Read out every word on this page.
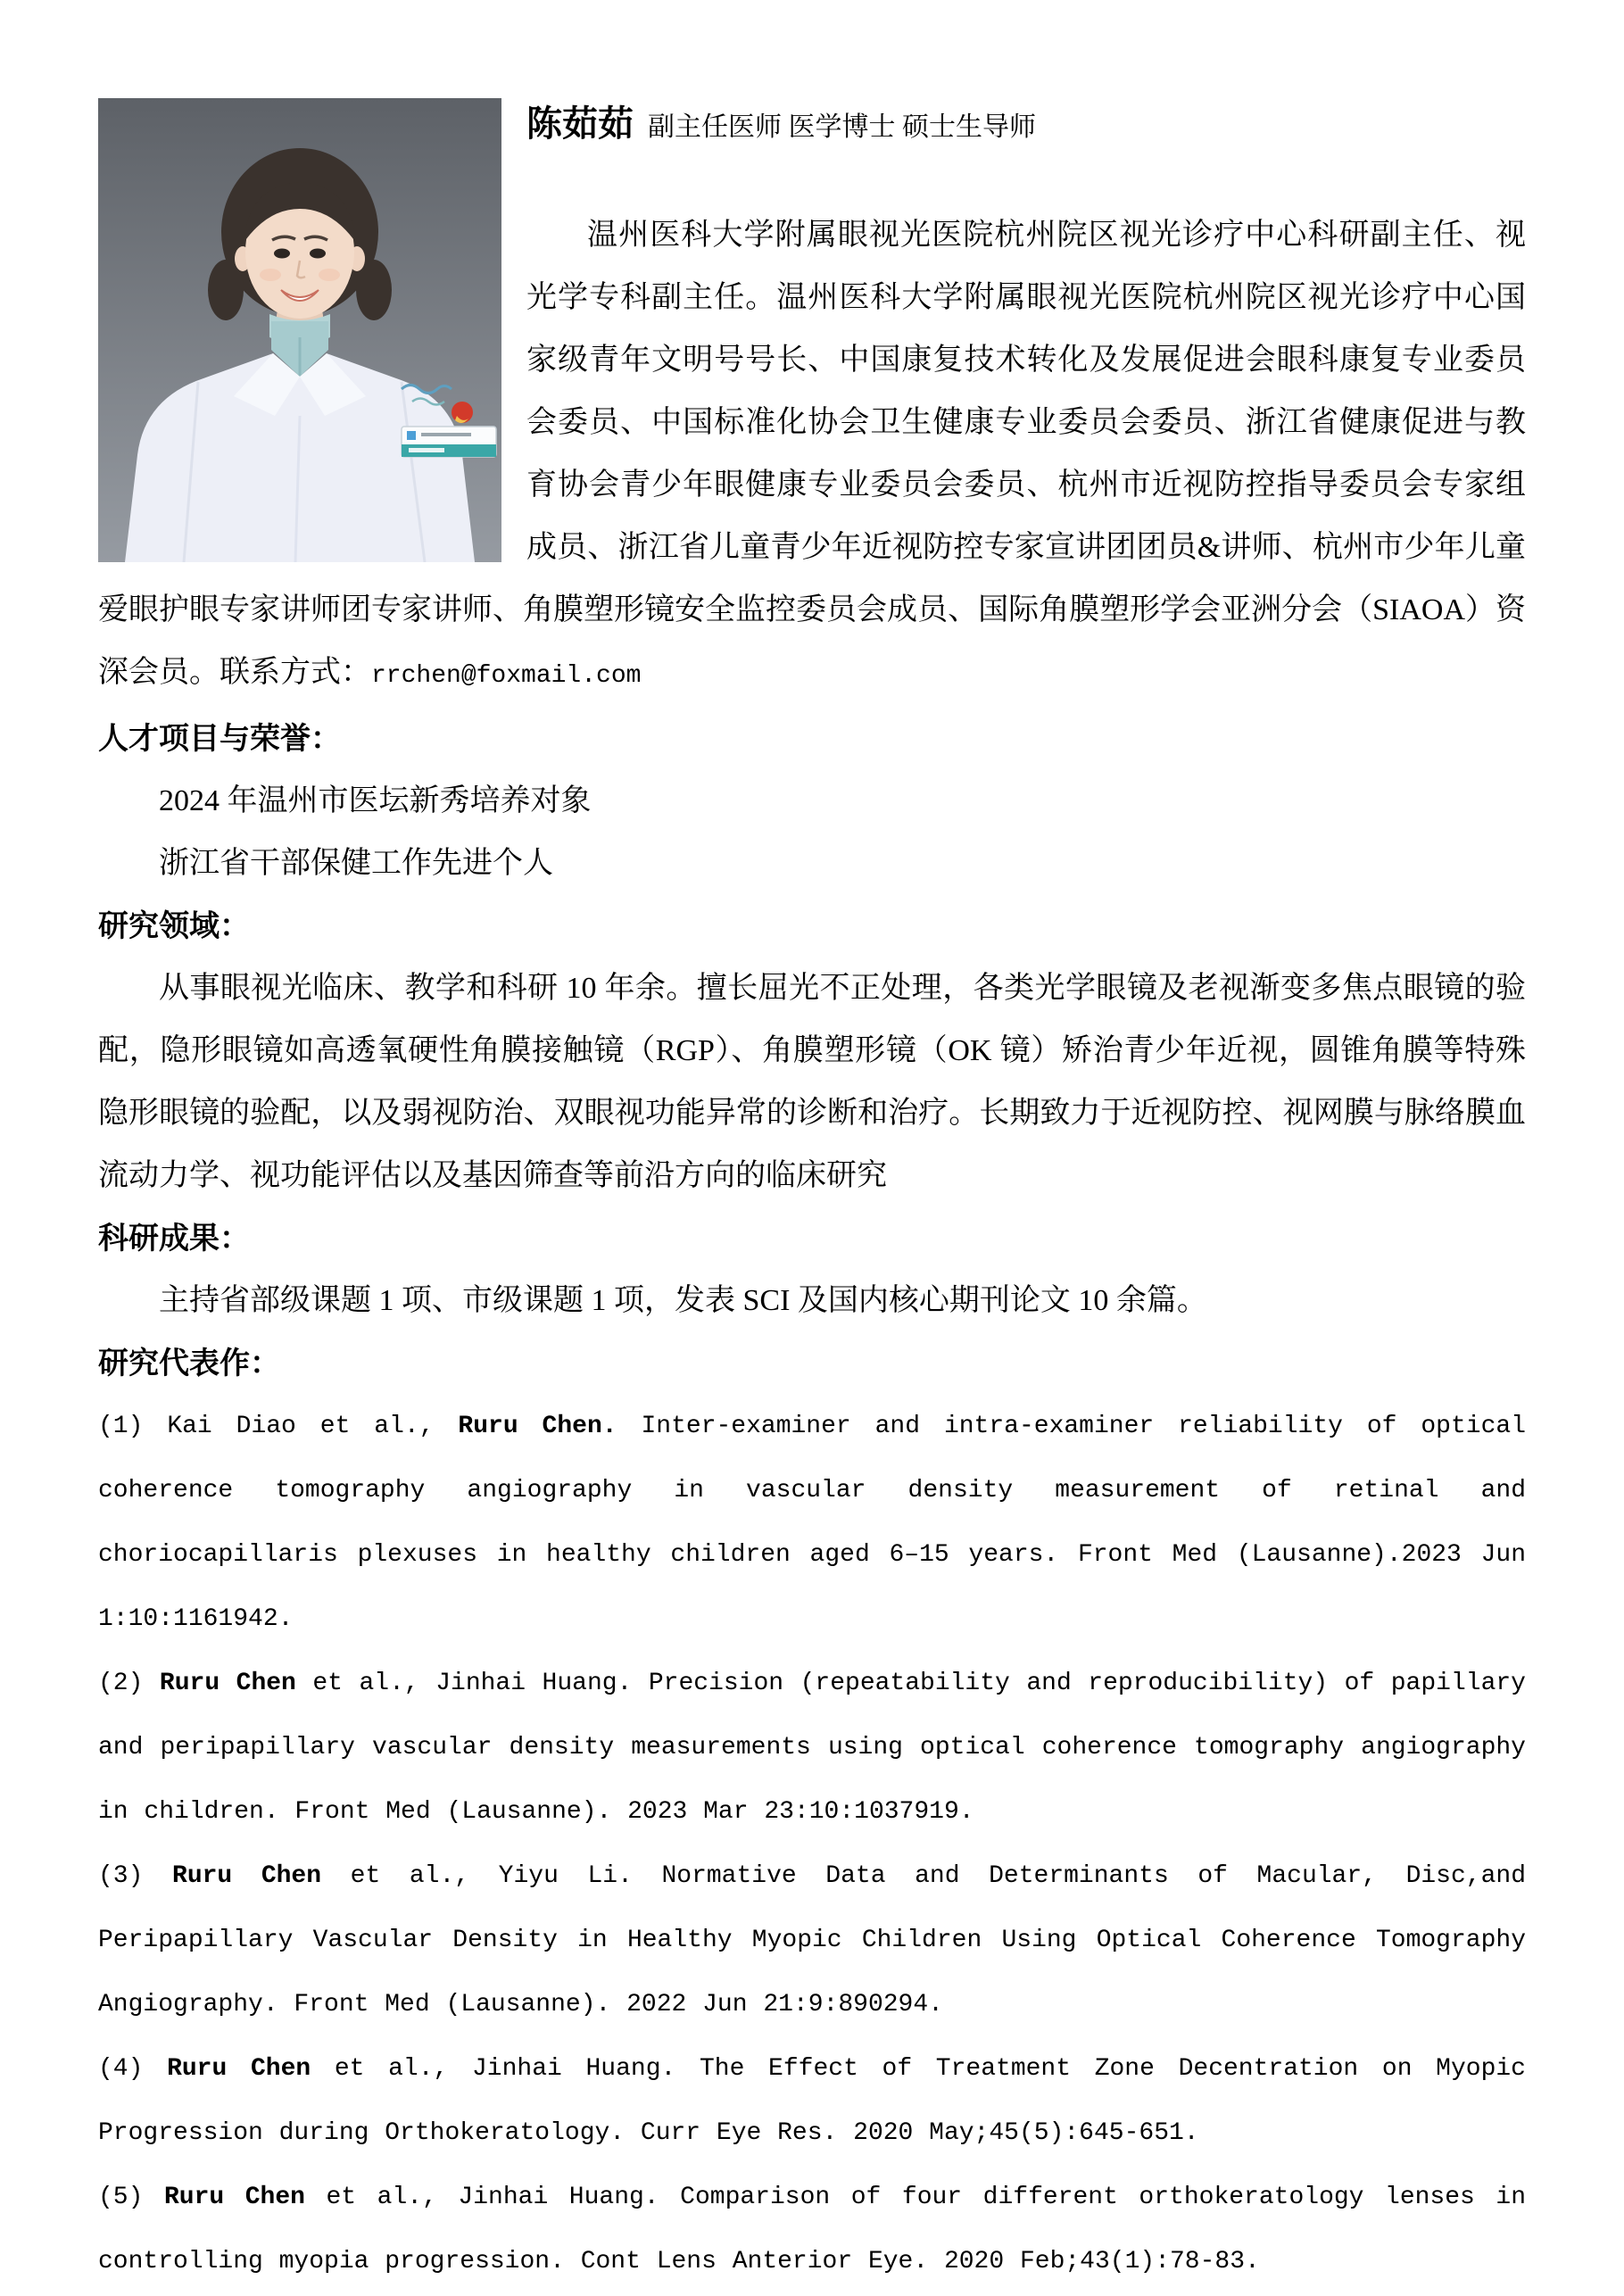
陈茹茹 副主任医师 医学博士 硕士生导师

温州医科大学附属眼视光医院杭州院区视光诊疗中心科研副主任、视光学专科副主任。温州医科大学附属眼视光医院杭州院区视光诊疗中心国家级青年文明号号长、中国康复技术转化及发展促进会眼科康复专业委员会委员、中国标准化协会卫生健康专业委员会委员、浙江省健康促进与教育协会青少年眼健康专业委员会委员、杭州市近视防控指导委员会专家组成员、浙江省儿童青少年近视防控专家宣讲团团员&讲师、杭州市少年儿童爱眼护眼专家讲师团专家讲师、角膜塑形镜安全监控委员会成员、国际角膜塑形学会亚洲分会（SIAOA）资深会员。联系方式：rrchen@foxmail.com

人才项目与荣誉：

2024 年温州市医坛新秀培养对象

浙江省干部保健工作先进个人

研究领域：

从事眼视光临床、教学和科研 10 年余。擅长屈光不正处理，各类光学眼镜及老视渐变多焦点眼镜的验配，隐形眼镜如高透氧硬性角膜接触镜（RGP）、角膜塑形镜（OK 镜）矫治青少年近视，圆锥角膜等特殊隐形眼镜的验配，以及弱视防治、双眼视功能异常的诊断和治疗。长期致力于近视防控、视网膜与脉络膜血流动力学、视功能评估以及基因筛查等前沿方向的临床研究

科研成果：

主持省部级课题 1 项、市级课题 1 项，发表 SCI 及国内核心期刊论文 10 余篇。

研究代表作：

(1) Kai Diao et al., Ruru Chen. Inter-examiner and intra-examiner reliability of optical coherence tomography angiography in vascular density measurement of retinal and choriocapillaris plexuses in healthy children aged 6–15 years. Front Med (Lausanne).2023 Jun 1:10:1161942.

(2) Ruru Chen et al., Jinhai Huang. Precision (repeatability and reproducibility) of papillary and peripapillary vascular density measurements using optical coherence tomography angiography in children. Front Med (Lausanne). 2023 Mar 23:10:1037919.

(3) Ruru Chen et al., Yiyu Li. Normative Data and Determinants of Macular, Disc,and Peripapillary Vascular Density in Healthy Myopic Children Using Optical Coherence Tomography Angiography. Front Med (Lausanne). 2022 Jun 21:9:890294.

(4) Ruru Chen et al., Jinhai Huang. The Effect of Treatment Zone Decentration on Myopic Progression during Orthokeratology. Curr Eye Res. 2020 May;45(5):645-651.

(5) Ruru Chen et al., Jinhai Huang. Comparison of four different orthokeratology lenses in controlling myopia progression. Cont Lens Anterior Eye. 2020 Feb;43(1):78-83.
